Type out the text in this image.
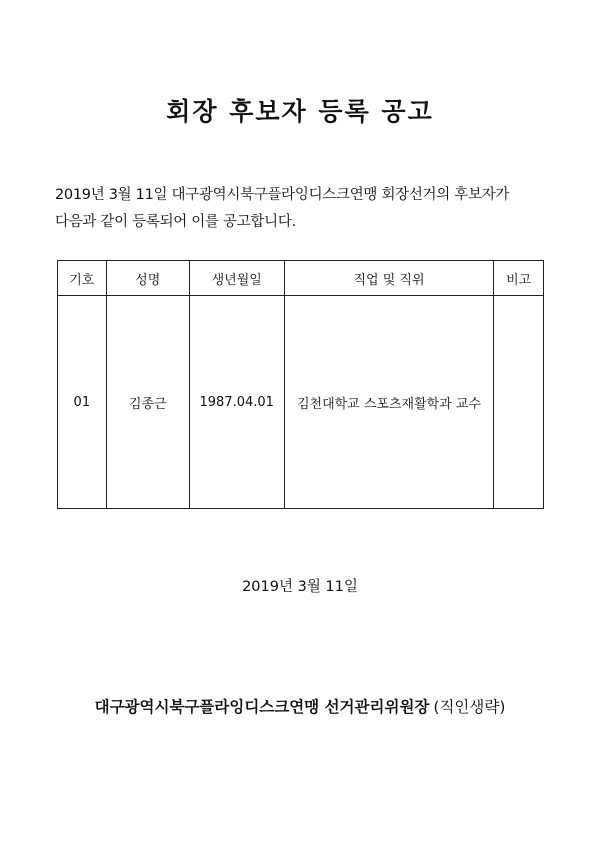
회장 후보자 등록 공고
2019년 3월 11일 대구광역시북구플라잉디스크연맹 회장선거의 후보자가
다음과 같이 등록되어 이를 공고합니다.
기호	성명	생년월일	직업 및 직위	비고
01	김종근	1987.04.01	김천대학교 스포츠재활학과 교수	
2019년 3월 11일
대구광역시북구플라잉디스크연맹 선거관리위원장 (직인생략)
